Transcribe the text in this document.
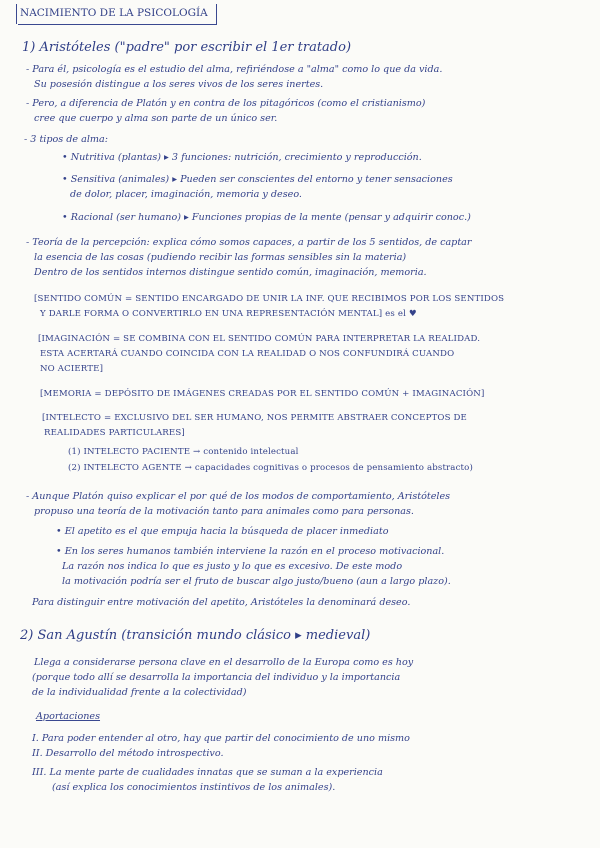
NACIMIENTO DE LA PSICOLOGÍA
1) Aristóteles ("padre" por escribir el 1er tratado)
- Para él, psicología es el estudio del alma, refiriéndose a "alma" como lo que da vida.
Su posesión distingue a los seres vivos de los seres inertes.
- Pero, a diferencia de Platón y en contra de los pitagóricos (como el cristianismo)
cree que cuerpo y alma son parte de un único ser.
- 3 tipos de alma:
• Nutritiva (plantas) ▸ 3 funciones: nutrición, crecimiento y reproducción.
• Sensitiva (animales) ▸ Pueden ser conscientes del entorno y tener sensaciones
de dolor, placer, imaginación, memoria y deseo.
• Racional (ser humano) ▸ Funciones propias de la mente (pensar y adquirir conoc.)
- Teoría de la percepción: explica cómo somos capaces, a partir de los 5 sentidos, de captar
la esencia de las cosas (pudiendo recibir las formas sensibles sin la materia)
Dentro de los sentidos internos distingue sentido común, imaginación, memoria.
[SENTIDO COMÚN = SENTIDO ENCARGADO DE UNIR LA INF. QUE RECIBIMOS POR LOS SENTIDOS
Y DARLE FORMA O CONVERTIRLO EN UNA REPRESENTACIÓN MENTAL] es el ♥
[IMAGINACIÓN = SE COMBINA CON EL SENTIDO COMÚN PARA INTERPRETAR LA REALIDAD.
ESTA ACERTARÁ CUANDO COINCIDA CON LA REALIDAD O NOS CONFUNDIRÁ CUANDO
NO ACIERTE]
[MEMORIA = DEPÓSITO DE IMÁGENES CREADAS POR EL SENTIDO COMÚN + IMAGINACIÓN]
[INTELECTO = EXCLUSIVO DEL SER HUMANO, NOS PERMITE ABSTRAER CONCEPTOS DE
REALIDADES PARTICULARES]
(1) INTELECTO PACIENTE → contenido intelectual
(2) INTELECTO AGENTE → capacidades cognitivas o procesos de pensamiento abstracto)
- Aunque Platón quiso explicar el por qué de los modos de comportamiento, Aristóteles
propuso una teoría de la motivación tanto para animales como para personas.
• El apetito es el que empuja hacia la búsqueda de placer inmediato
• En los seres humanos también interviene la razón en el proceso motivacional.
La razón nos indica lo que es justo y lo que es excesivo. De este modo
la motivación podría ser el fruto de buscar algo justo/bueno (aun a largo plazo).
Para distinguir entre motivación del apetito, Aristóteles la denominará deseo.
2) San Agustín (transición mundo clásico ▸ medieval)
Llega a considerarse persona clave en el desarrollo de la Europa como es hoy
(porque todo allí se desarrolla la importancia del individuo y la importancia
de la individualidad frente a la colectividad)
Aportaciones
I. Para poder entender al otro, hay que partir del conocimiento de uno mismo
II. Desarrollo del método introspectivo.
III. La mente parte de cualidades innatas que se suman a la experiencia
(así explica los conocimientos instintivos de los animales).
